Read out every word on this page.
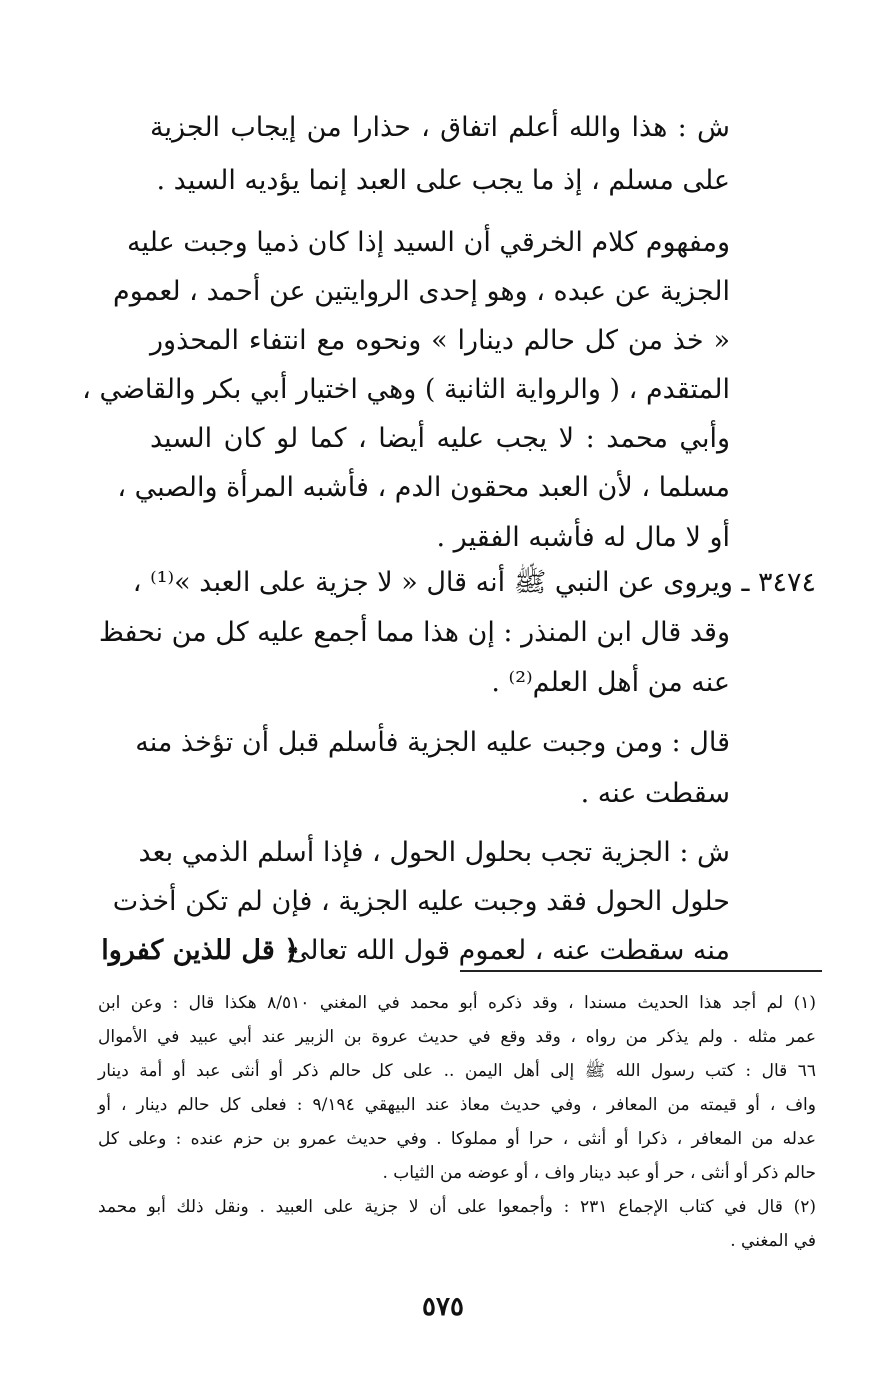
ش : هذا والله أعلم اتفاق ، حذارا من إيجاب الجزية
على مسلم ، إذ ما يجب على العبد إنما يؤديه السيد .
ومفهوم كلام الخرقي أن السيد إذا كان ذميا وجبت عليه
الجزية عن عبده ، وهو إحدى الروايتين عن أحمد ، لعموم
« خذ من كل حالم دينارا » ونحوه مع انتفاء المحذور
المتقدم ، ( والرواية الثانية ) وهي اختيار أبي بكر والقاضي ،
وأبي محمد : لا يجب عليه أيضا ، كما لو كان السيد
مسلما ، لأن العبد محقون الدم ، فأشبه المرأة والصبي ،
أو لا مال له فأشبه الفقير .
٣٤٧٤ ـ ويروى عن النبي ﷺ أنه قال « لا جزية على العبد »⁽¹⁾ ،
وقد قال ابن المنذر : إن هذا مما أجمع عليه كل من نحفظ
عنه من أهل العلم⁽²⁾ .
قال : ومن وجبت عليه الجزية فأسلم قبل أن تؤخذ منه
سقطت عنه .
ش : الجزية تجب بحلول الحول ، فإذا أسلم الذمي بعد
حلول الحول فقد وجبت عليه الجزية ، فإن لم تكن أخذت
منه سقطت عنه ، لعموم قول الله تعالى
﴿ قل للذين كفروا
(١) لم أجد هذا الحديث مسندا ، وقد ذكره أبو محمد في المغني ٨/٥١٠ هكذا قال : وعن ابن
عمر مثله . ولم يذكر من رواه ، وقد وقع في حديث عروة بن الزبير عند أبي عبيد في الأموال
٦٦ قال : كتب رسول الله ﷺ إلى أهل اليمن .. على كل حالم ذكر أو أنثى عبد أو أمة دينار
واف ، أو قيمته من المعافر ، وفي حديث معاذ عند البيهقي ٩/١٩٤ : فعلى كل حالم دينار ، أو
عدله من المعافر ، ذكرا أو أنثى ، حرا أو مملوكا . وفي حديث عمرو بن حزم عنده : وعلى كل
حالم ذكر أو أنثى ، حر أو عبد دينار واف ، أو عوضه من الثياب .
(٢) قال في كتاب الإجماع ٢٣١ : وأجمعوا على أن لا جزية على العبيد . ونقل ذلك أبو محمد
في المغني .
٥٧٥
